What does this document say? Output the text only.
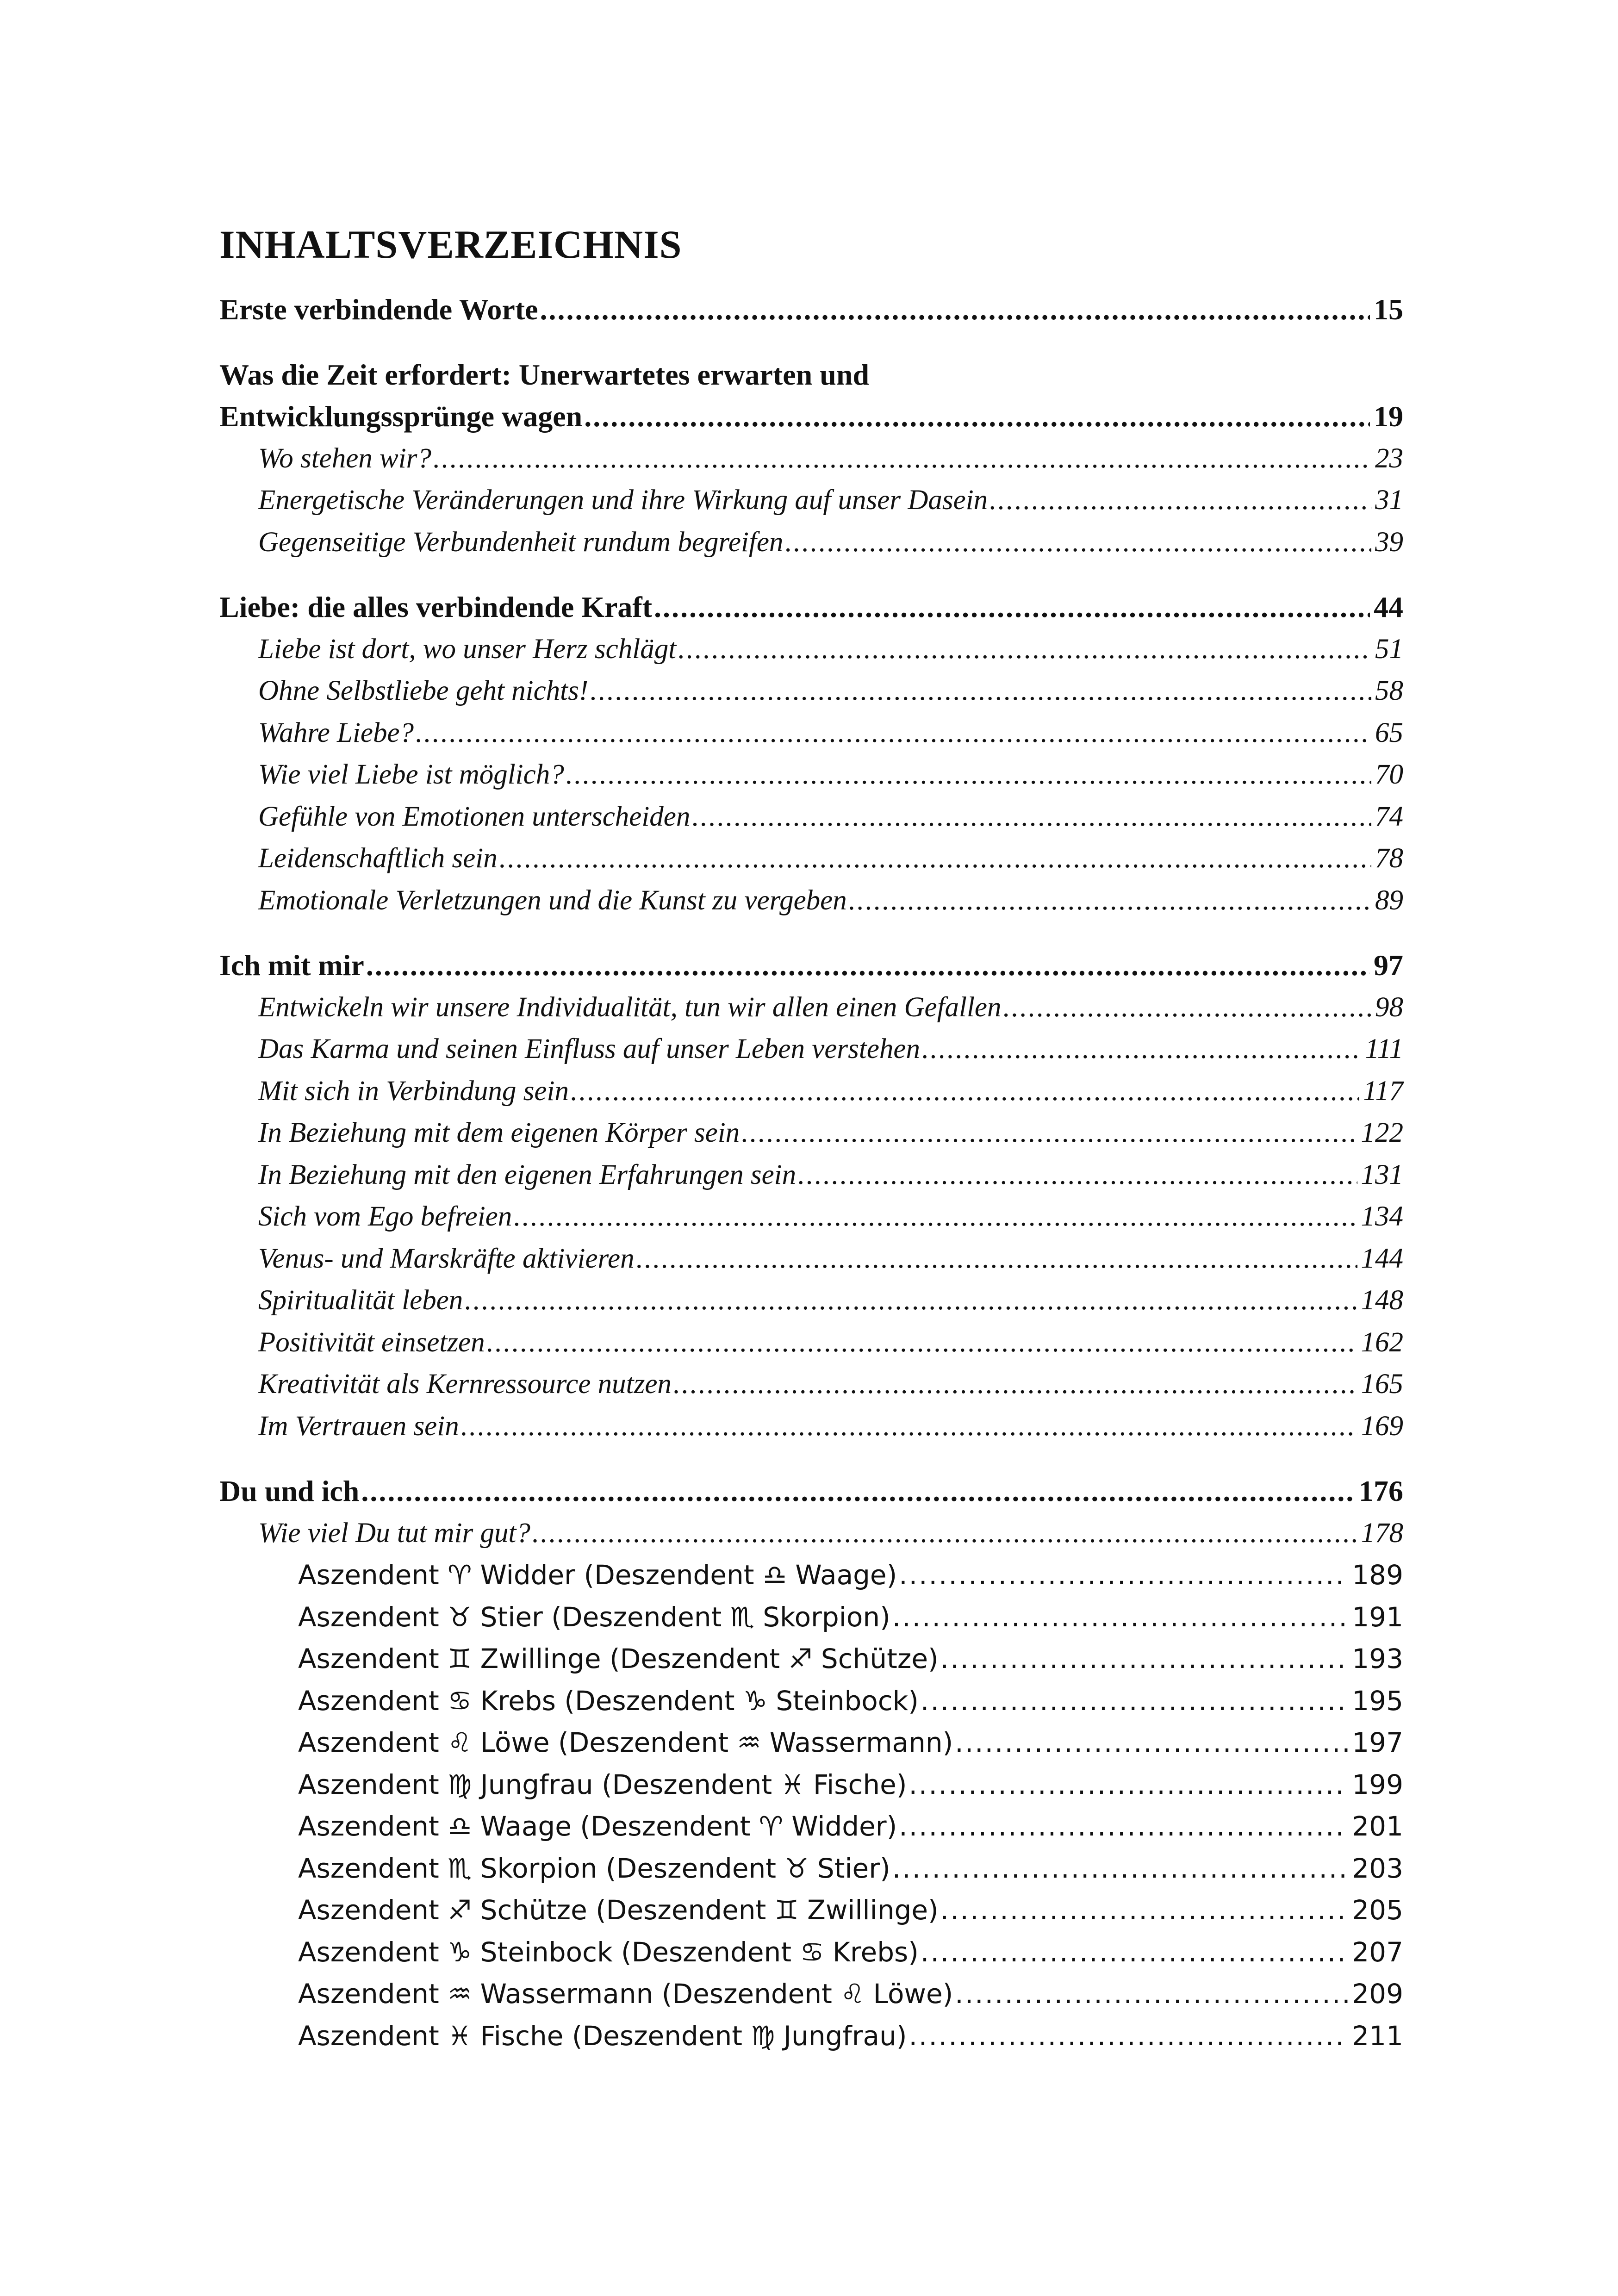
INHALTSVERZEICHNIS
Erste verbindende Worte .....	15
Was die Zeit erfordert: Unerwartetes erwarten und
Entwicklungssprünge wagen .....	19
Wo stehen wir? .....	23
Energetische Veränderungen und ihre Wirkung auf unser Dasein .....	31
Gegenseitige Verbundenheit rundum begreifen .....	39
Liebe: die alles verbindende Kraft .....	44
Liebe ist dort, wo unser Herz schlägt .....	51
Ohne Selbstliebe geht nichts! .....	58
Wahre Liebe? .....	65
Wie viel Liebe ist möglich? .....	70
Gefühle von Emotionen unterscheiden .....	74
Leidenschaftlich sein .....	78
Emotionale Verletzungen und die Kunst zu vergeben .....	89
Ich mit mir .....	97
Entwickeln wir unsere Individualität, tun wir allen einen Gefallen .....	98
Das Karma und seinen Einfluss auf unser Leben verstehen .....	111
Mit sich in Verbindung sein .....	117
In Beziehung mit dem eigenen Körper sein .....	122
In Beziehung mit den eigenen Erfahrungen sein .....	131
Sich vom Ego befreien .....	134
Venus- und Marskräfte aktivieren .....	144
Spiritualität leben .....	148
Positivität einsetzen .....	162
Kreativität als Kernressource nutzen .....	165
Im Vertrauen sein .....	169
Du und ich .....	176
Wie viel Du tut mir gut? .....	178
Aszendent ♈ Widder (Deszendent ♎ Waage) .....	189
Aszendent ♉ Stier (Deszendent ♏ Skorpion) .....	191
Aszendent ♊ Zwillinge (Deszendent ♐ Schütze) .....	193
Aszendent ♋ Krebs (Deszendent ♑ Steinbock) .....	195
Aszendent ♌ Löwe (Deszendent ♒ Wassermann) .....	197
Aszendent ♍ Jungfrau (Deszendent ♓ Fische) .....	199
Aszendent ♎ Waage (Deszendent ♈ Widder) .....	201
Aszendent ♏ Skorpion (Deszendent ♉ Stier) .....	203
Aszendent ♐ Schütze (Deszendent ♊ Zwillinge) .....	205
Aszendent ♑ Steinbock (Deszendent ♋ Krebs) .....	207
Aszendent ♒ Wassermann (Deszendent ♌ Löwe) .....	209
Aszendent ♓ Fische (Deszendent ♍ Jungfrau) .....	211
